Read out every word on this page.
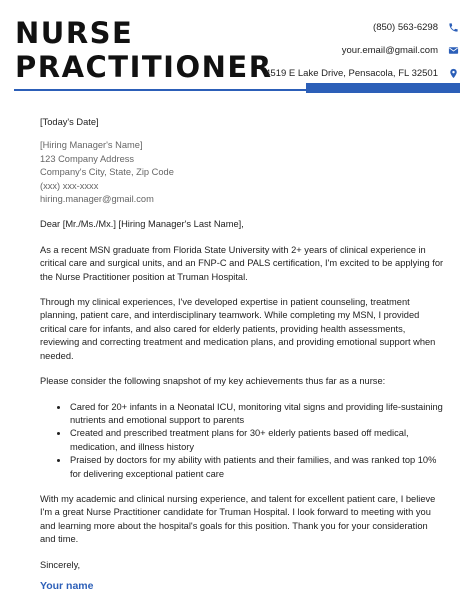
NURSE
PRACTITIONER
(850) 563-6298
your.email@gmail.com
4519 E Lake Drive, Pensacola, FL 32501

[Today's Date]

[Hiring Manager's Name]
123 Company Address
Company's City, State, Zip Code
(xxx) xxx-xxxx
hiring.manager@gmail.com

Dear [Mr./Ms./Mx.] [Hiring Manager's Last Name],

As a recent MSN graduate from Florida State University with 2+ years of clinical experience in critical care and surgical units, and an FNP-C and PALS certification, I'm excited to be applying for the Nurse Practitioner position at Truman Hospital.

Through my clinical experiences, I've developed expertise in patient counseling, treatment planning, patient care, and interdisciplinary teamwork. While completing my MSN, I provided critical care for infants, and also cared for elderly patients, providing health assessments, reviewing and correcting treatment and medication plans, and providing emotional support when needed.

Please consider the following snapshot of my key achievements thus far as a nurse:

• Cared for 20+ infants in a Neonatal ICU, monitoring vital signs and providing life-sustaining nutrients and emotional support to parents
• Created and prescribed treatment plans for 30+ elderly patients based off medical, medication, and illness history
• Praised by doctors for my ability with patients and their families, and was ranked top 10% for delivering exceptional patient care

With my academic and clinical nursing experience, and talent for excellent patient care, I believe I'm a great Nurse Practitioner candidate for Truman Hospital. I look forward to meeting with you and learning more about the hospital's goals for this position. Thank you for your consideration and time.

Sincerely,

Your name
